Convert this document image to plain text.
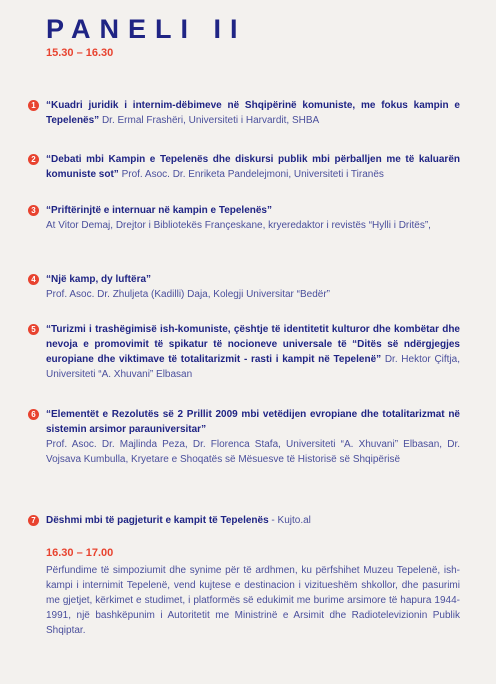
PANELI II

15.30 – 16.30

1	“Kuadri juridik i internim-dëbimeve në Shqipërinë komuniste, me fokus kampin e Tepelenës” Dr. Ermal Frashëri, Universiteti i Harvardit, SHBA

2	“Debati mbi Kampin e Tepelenës dhe diskursi publik mbi përballjen me të kaluarën komuniste sot” Prof. Asoc. Dr. Enriketa Pandelejmoni, Universiteti i Tiranës

3	“Priftërinjtë e internuar në kampin e Tepelenës”
At Vitor Demaj, Drejtor i Bibliotekës Françeskane, kryeredaktor i revistës “Hylli i Dritës”,

4	“Një kamp, dy luftëra”
Prof. Asoc. Dr. Zhuljeta (Kadilli) Daja, Kolegji Universitar “Bedër”

5	“Turizmi i trashëgimisë ish-komuniste, çështje të identitetit kulturor dhe kombëtar dhe nevoja e promovimit të spikatur të nocioneve universale të “Ditës së ndërgjegjes europiane dhe viktimave të totalitarizmit - rasti i kampit në Tepelenë” Dr. Hektor Çiftja, Universiteti “A. Xhuvani” Elbasan

6	“Elementët e Rezolutës së 2 Prillit 2009 mbi vetëdijen evropiane dhe totalitarizmat në sistemin arsimor parauniversitar”
Prof. Asoc. Dr. Majlinda Peza, Dr. Florenca Stafa, Universiteti “A. Xhuvani” Elbasan, Dr. Vojsava Kumbulla, Kryetare e Shoqatës së Mësuesve të Historisë së Shqipërisë

7	Dëshmi mbi të pagjeturit e kampit të Tepelenës - Kujto.al

16.30 – 17.00

Përfundime të simpoziumit dhe synime për të ardhmen, ku përfshihet Muzeu Tepelenë, ish-kampi i internimit Tepelenë, vend kujtese e destinacion i vizitueshëm shkollor, dhe pasurimi me gjetjet, kërkimet e studimet, i platformës së edukimit me burime arsimore të hapura 1944-1991, një bashkëpunim i Autoritetit me Ministrinë e Arsimit dhe Radiotelevizionin Publik Shqiptar.
